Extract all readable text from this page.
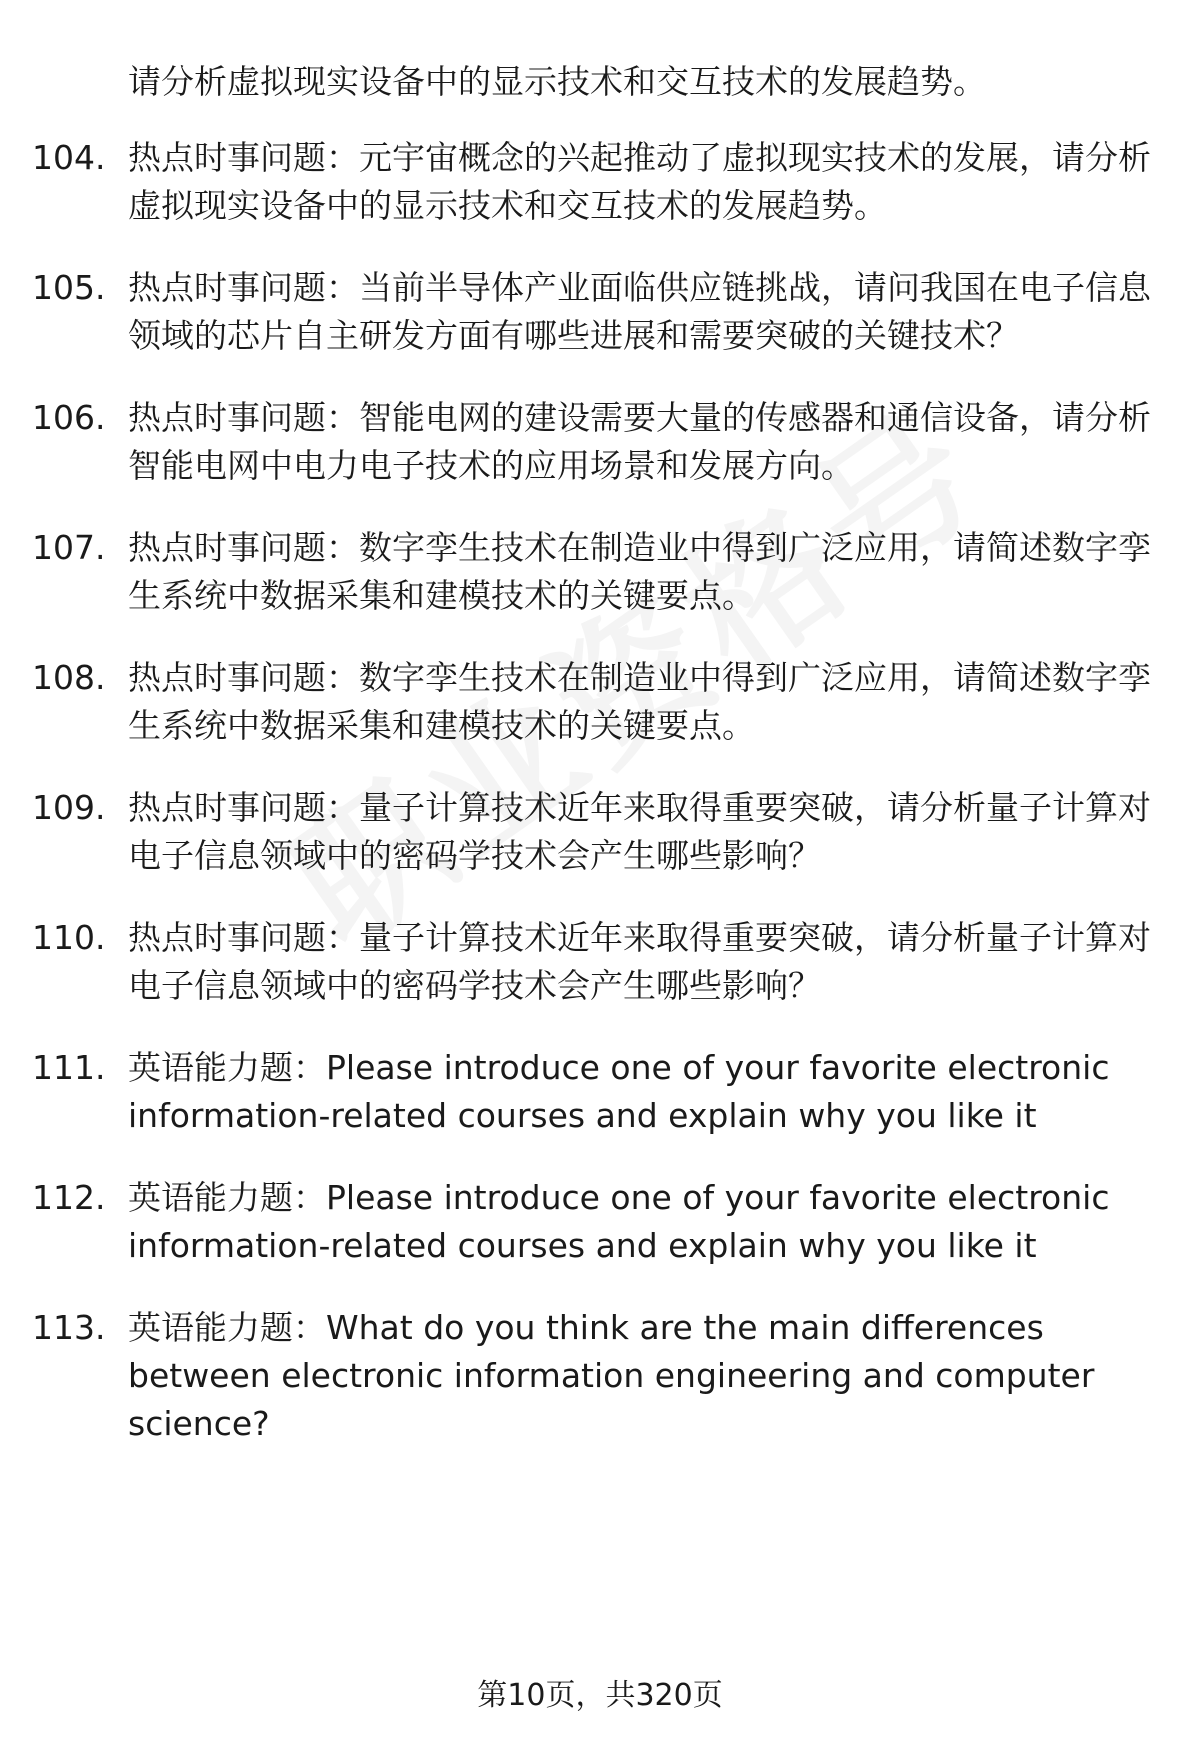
请分析虚拟现实设备中的显示技术和交互技术的发展趋势。

104. 热点时事问题：元宇宙概念的兴起推动了虚拟现实技术的发展，请分析虚拟现实设备中的显示技术和交互技术的发展趋势。
105. 热点时事问题：当前半导体产业面临供应链挑战，请问我国在电子信息领域的芯片自主研发方面有哪些进展和需要突破的关键技术？
106. 热点时事问题：智能电网的建设需要大量的传感器和通信设备，请分析智能电网中电力电子技术的应用场景和发展方向。
107. 热点时事问题：数字孪生技术在制造业中得到广泛应用，请简述数字孪生系统中数据采集和建模技术的关键要点。
108. 热点时事问题：数字孪生技术在制造业中得到广泛应用，请简述数字孪生系统中数据采集和建模技术的关键要点。
109. 热点时事问题：量子计算技术近年来取得重要突破，请分析量子计算对电子信息领域中的密码学技术会产生哪些影响？
110. 热点时事问题：量子计算技术近年来取得重要突破，请分析量子计算对电子信息领域中的密码学技术会产生哪些影响？
111. 英语能力题：Please introduce one of your favorite electronic information-related courses and explain why you like it
112. 英语能力题：Please introduce one of your favorite electronic information-related courses and explain why you like it
113. 英语能力题：What do you think are the main differences between electronic information engineering and computer science?
第10页，共320页
